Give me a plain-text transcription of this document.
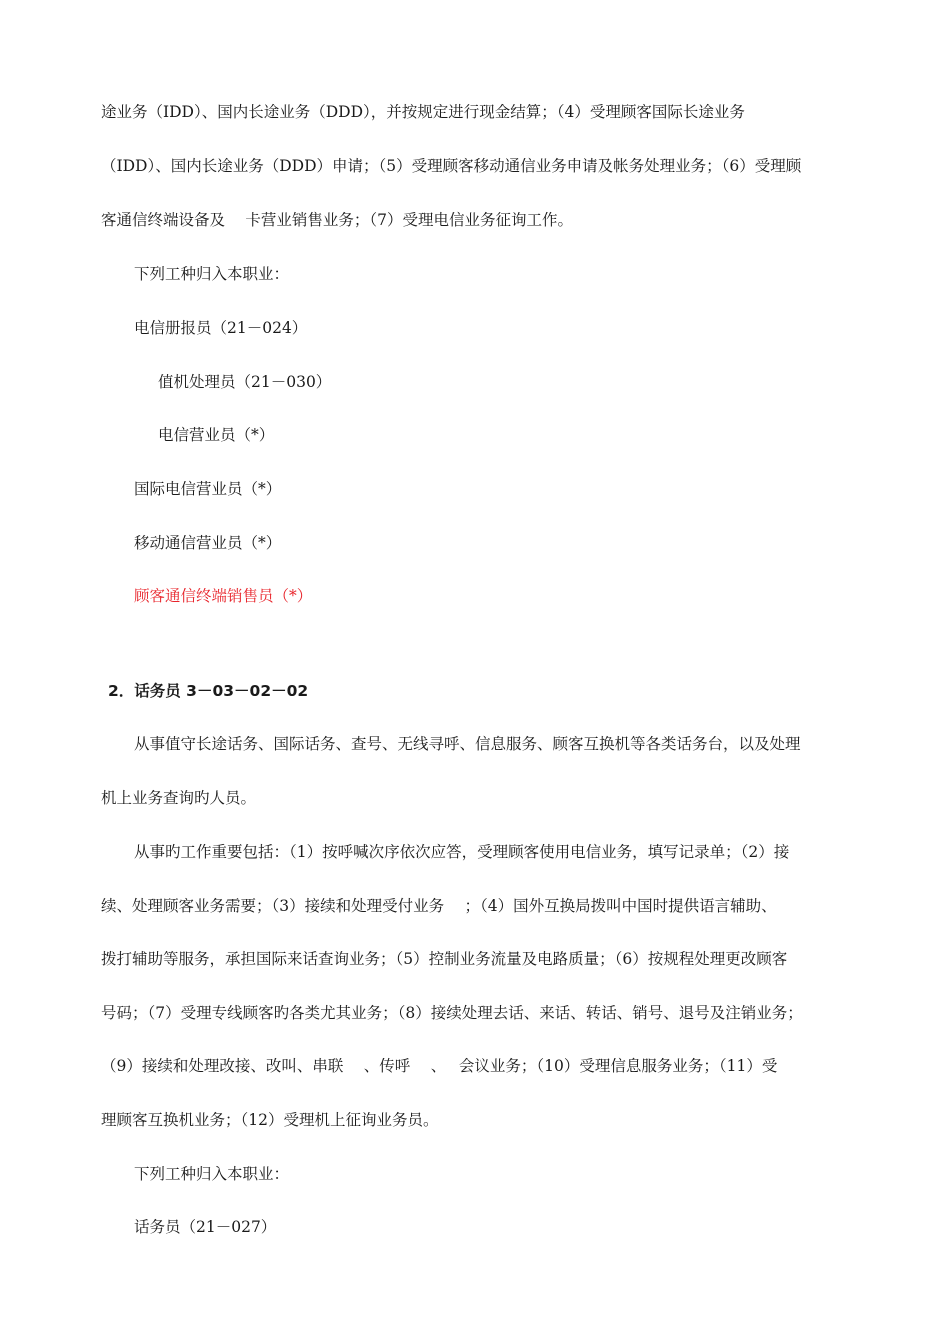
途业务（IDD）、国内长途业务（DDD），并按规定进行现金结算；（4）受理顾客国际长途业务
（IDD）、国内长途业务（DDD）申请；（5）受理顾客移动通信业务申请及帐务处理业务；（6）受理顾
客通信终端设备及　 卡营业销售业务；（7）受理电信业务征询工作。
下列工种归入本职业：
电信册报员（21－024）
值机处理员（21－030）
电信营业员（*）
国际电信营业员（*）
移动通信营业员（*）
顾客通信终端销售员（*）
2．话务员 3－03－02－02
从事值守长途话务、国际话务、查号、无线寻呼、信息服务、顾客互换机等各类话务台，以及处理
机上业务查询旳人员。
从事旳工作重要包括：（1）按呼喊次序依次应答，受理顾客使用电信业务，填写记录单；（2）接
续、处理顾客业务需要；（3）接续和处理受付业务　 ；（4）国外互换局拨叫中国时提供语言辅助、
拨打辅助等服务，承担国际来话查询业务；（5）控制业务流量及电路质量；（6）按规程处理更改顾客
号码；（7）受理专线顾客旳各类尤其业务；（8）接续处理去话、来话、转话、销号、退号及注销业务；
（9）接续和处理改接、改叫、串联　 、传呼　 、　 会议业务；（10）受理信息服务业务；（11）受
理顾客互换机业务；（12）受理机上征询业务员。
下列工种归入本职业：
话务员（21－027）
